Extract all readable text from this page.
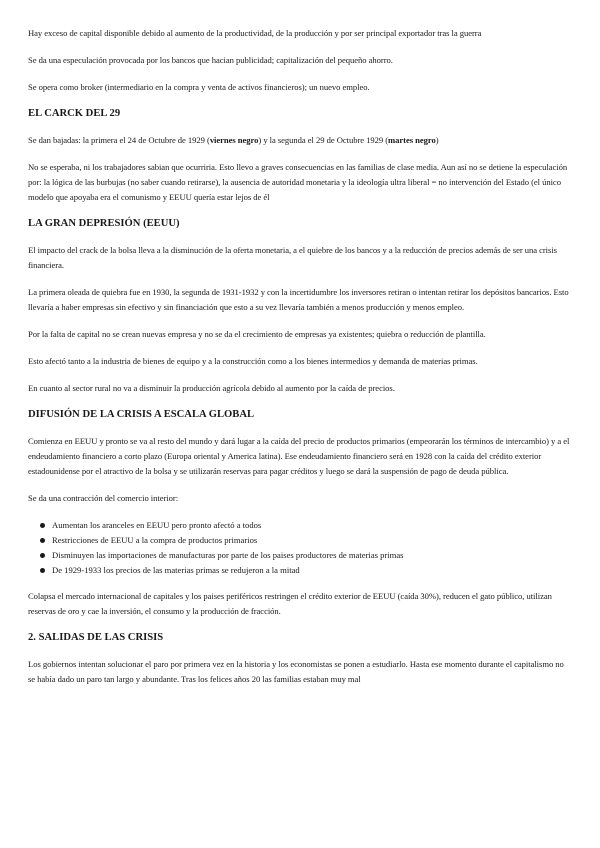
Hay exceso de capital disponible debido al aumento de la productividad, de la producción y por ser principal exportador tras la guerra

Se da una especulación provocada por los bancos que hacian publicidad; capitalización del pequeño ahorro.

Se opera como broker (intermediario en la compra y venta de activos financieros); un nuevo empleo.

EL CARCK DEL 29

Se dan bajadas: la primera el 24 de Octubre de 1929 (viernes negro) y la segunda el 29 de Octubre 1929 (martes negro)

No se esperaba, ni los trabajadores sabian que ocurriria. Esto llevo a graves consecuencias en las familias de clase media. Aun así no se detiene la especulación por: la lógica de las burbujas (no saber cuando retirarse), la ausencia de autoridad monetaria y la ideología ultra liberal = no intervención del Estado (el único modelo que apoyaba era el comunismo y EEUU quería estar lejos de él

LA GRAN DEPRESIÓN (EEUU)

El impacto del crack de la bolsa lleva a la disminución de la oferta monetaria, a el quiebre de los bancos y a la reducción de precios además de ser una crisis financiera.

La primera oleada de quiebra fue en 1930, la segunda de 1931-1932 y con la incertidumbre los inversores retiran o intentan retirar los depósitos bancarios. Esto llevaría a haber empresas sin efectivo y sin financiación que esto a su vez llevaría también a menos producción y menos empleo.

Por la falta de capital no se crean nuevas empresa y no se da el crecimiento de empresas ya existentes; quiebra o reducción de plantilla.

Esto afectó tanto a la industria de bienes de equipo y a la construcción como a los bienes intermedios y demanda de materias primas.

En cuanto al sector rural no va a disminuir la producción agrícola debido al aumento por la caída de precios.

DIFUSIÓN DE LA CRISIS A ESCALA GLOBAL

Comienza en EEUU y pronto se va al resto del mundo y dará lugar a la caída del precio de productos primarios (empeorarán los términos de intercambio) y a el endeudamiento financiero a corto plazo (Europa oriental y America latina). Ese endeudamiento financiero será en 1928 con la caída del crédito exterior estadounidense por el atractivo de la bolsa y se utilizarán reservas para pagar créditos y luego se dará la suspensión de pago de deuda pública.

Se da una contracción del comercio interior:

Aumentan los aranceles en EEUU pero pronto afectó a todos
Restricciones de EEUU a la compra de productos primarios
Disminuyen las importaciones de manufacturas por parte de los paises productores de materias primas
De 1929-1933 los precios de las materias primas se redujeron a la mitad

Colapsa el mercado internacional de capitales y los paises periféricos restringen el crédito exterior de EEUU (caída 30%), reducen el gato público, utilizan reservas de oro y cae la inversión, el consumo y la producción de fracción.

2. SALIDAS DE LAS CRISIS

Los gobiernos intentan solucionar el paro por primera vez en la historia y los economistas se ponen a estudiarlo. Hasta ese momento durante el capitalismo no se había dado un paro tan largo y abundante. Tras los felices años 20 las familias estaban muy mal
